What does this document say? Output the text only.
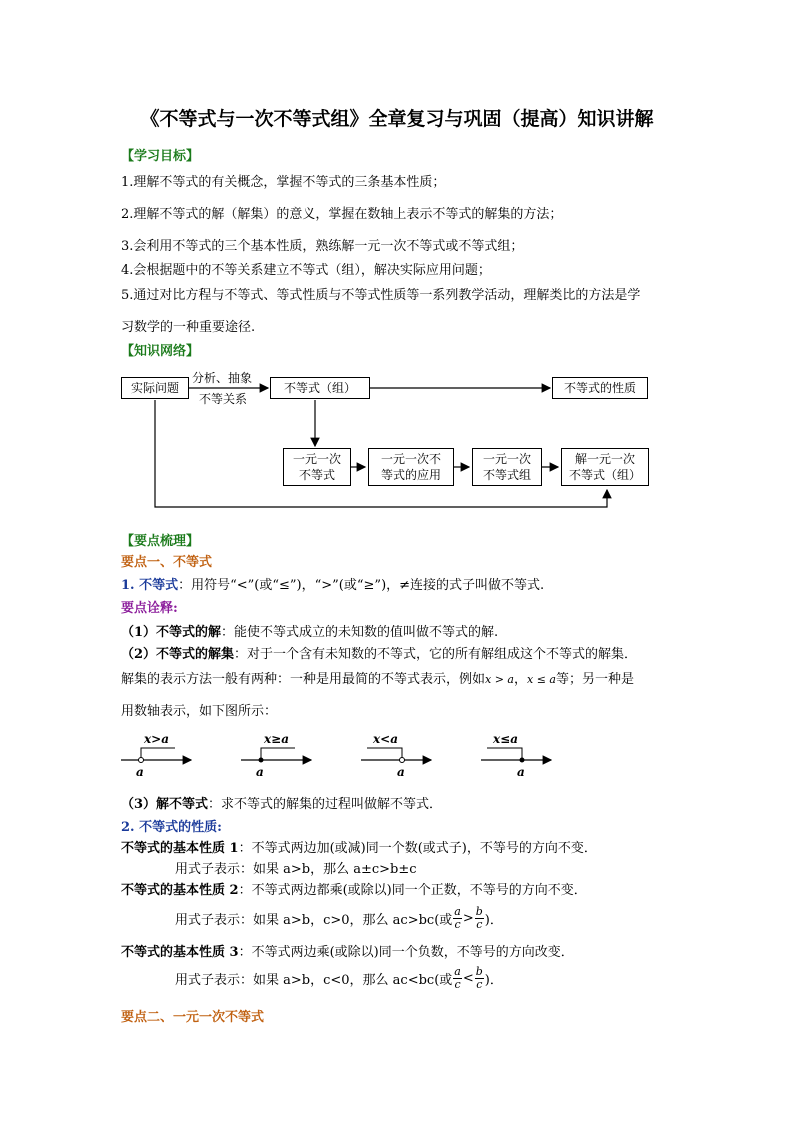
《不等式与一次不等式组》全章复习与巩固（提高）知识讲解
【学习目标】
1.理解不等式的有关概念，掌握不等式的三条基本性质；
2.理解不等式的解（解集）的意义，掌握在数轴上表示不等式的解集的方法；
3.会利用不等式的三个基本性质，熟练解一元一次不等式或不等式组；
4.会根据题中的不等关系建立不等式（组），解决实际应用问题；
5.通过对比方程与不等式、等式性质与不等式性质等一系列教学活动，理解类比的方法是学
习数学的一种重要途径.
【知识网络】
实际问题
分析、抽象
不等关系
不等式（组）	不等式的性质
一元一次
不等式
一元一次不
等式的应用
一元一次
不等式组
解一元一次
不等式（组）
【要点梳理】
要点一、不等式
1. 不等式：用符号“<”(或“≤”)，“>”(或“≥”)，≠连接的式子叫做不等式.
要点诠释:
（1）不等式的解：能使不等式成立的未知数的值叫做不等式的解.
（2）不等式的解集：对于一个含有未知数的不等式，它的所有解组成这个不等式的解集．
解集的表示方法一般有两种：一种是用最简的不等式表示，例如x > a，x ≤ a等；另一种是
用数轴表示，如下图所示：
x>a
a
x≥a
a
x<a
a
x≤a
a
（3）解不等式：求不等式的解集的过程叫做解不等式．
2. 不等式的性质:
不等式的基本性质 1：不等式两边加(或减)同一个数(或式子)，不等号的方向不变．
用式子表示：如果 a>b，那么 a±c>b±c
不等式的基本性质 2：不等式两边都乘(或除以)同一个正数，不等号的方向不变．
用式子表示：如果 a>b，c>0，那么 ac>bc(或 $\frac{a}{c} > \frac{b}{c}$ )．
不等式的基本性质 3：不等式两边乘(或除以)同一个负数，不等号的方向改变．
用式子表示：如果 a>b，c<0，那么 ac<bc(或 $\frac{a}{c} < \frac{b}{c}$ )．
要点二、一元一次不等式
